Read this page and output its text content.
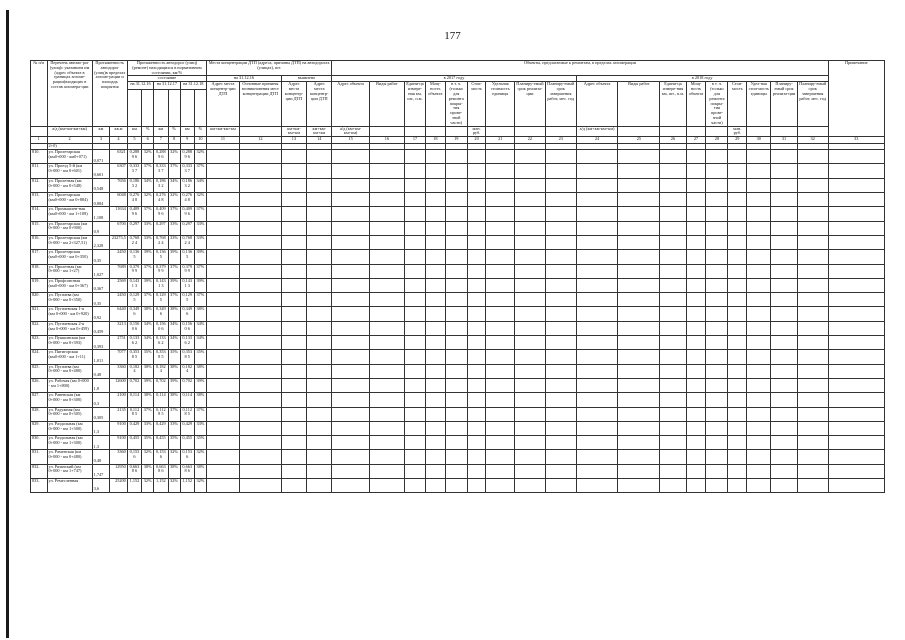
177
№ п/п	Перечень автомо-рог (улиц)с указанием им (адрес объекта в границах агломе-рации(входящих в состав агломера-ции	Протяженность автодорог (улиц)в пределах агломе-рации и площадь покрытия		Протяженность автодорог (улиц) (ремонт) находящихся в нормативном состоянии, км/%						Места концентрации ДТП (адреса, причины ДТП) на автодорогах (улицах), шт.				Объекты, предлагаемые к ремонтам, в пределах агломерации																		Примечание
				состояние						на 31.12.16		выявлено		в 2017 году									в 2018 году									
				на 31.12.16		на 31.12.17		на 31.12.18		Адрес места концентр-ции ДТП	Основные причины возникновения мест концентрации ДТП	Адрес места концентр-ции ДТП	Адрес места концентр-ции ДТП	Адрес объекта	Виды работ	Едини-ца измере-ния км, шт., п.м.	Мощ-ность объекта	в т. ч. (только для ремонта покры-тия прове-зной части)	Стои-мость	Удельная стоимость единицы	Планиру-емый срок реализа-ции	Планиру-емый срок завершения работ, мес. год	Адрес объекта	Виды работ	Едини-ца измере-ния км, шт., п.м.	Мощ-ность объекта	в т. ч. (только для ремонта покры-тия прове-зной части)	Стои-мость	Удел-ная стои-мость единицы	Планиру-емый срок реализа-ции	Планиру-емый срок завершения работ, мес. год	

	а/д (км+км-км+км)	км	кв.м	км	%	км	%	км	%	км+км-км+км		км+км-км+км	км+км-км+км	а/д (км+км-км+км)					млн. руб.				а/д (км+км-км+км)					млн. руб.				
1	2	3	4	5	6	7	8	9	10	11	12	13	14	15	16	17	18	19	20	21	22	23	24	25	26	27	28	29	30	31	32	33
	2+0)																															
810.	ул. Пролетарская (км0+000 - км0+071)	0,071	6321	0,2889 6	32%	0,2889 6	32%	0,2889 6	32%																							
811.	ул. Проезд 5-й (км 0+000 - км 0+601)	0,601	6307	0,3333 7	37%	0,3333 7	37%	0,3333 7	37%																							
812.	ул. Пролетная (км 0+000 - км 0+548)	0,548	7656	0,1863 2	34%	0,1863 2	34%	0,1863 2	34%																							
813.	ул. Пролетарская (км0+000 - км 0+884)	0,884	6048	0,2764 8	32%	0,2764 8	32%	0,2764 8	32%																							
814.	ул. Промышлен-ная (км0+000 - км 1+108)	1,108	11634	0,4099 6	37%	0,4099 6	37%	0,4099 6	37%																							
815.	ул. Пролетарская (км 0+000 - км 0+900)	0,9	6700	0,297	33%	0,297	33%	0,297	33%																							
816.	ул. Пролетарская (км 0+000 - км 2+327,51)	2,328	23275,5	0,7682 4	33%	0,7682 4	33%	0,7682 4	33%																							
817.	ул. Пролетарская (км0+000 - км 0+350)	0,35	2450	0,1365	39%	0,1365	39%	0,1365	39%																							
818.	ул. Пролетная (км 0+000 - км 1+27)	1,027	7689	0,3799 9	37%	0,3799 9	37%	0,3799 9	37%																							
819.	ул. Профсоюзная (км0+000 - км 0+367)	0,367	2569	0,1431 3	39%	0,1431 3	39%	0,1431 3	39%																							
820.	ул. Пугачева (км 0+000 - км 0+350)	0,35	2450	0,1295	37%	0,1295	37%	0,1295	37%																							
821.	ул. Пугачевская 1-я (км 0+000 - км 0+920)	0,92	6440	0,3496	38%	0,3496	38%	0,3496	38%																							
822.	ул. Пугачевская 2-я (км 0+000 - км 0+459)	0,459	3213	0,1560 6	34%	0,1560 6	34%	0,1560 6	34%																							
823.	ул. Пушкинская (км 0+000 - км 0+393)	0,393	2751	0,1336 2	34%	0,1336 2	34%	0,1336 2	34%																							
824.	ул. Пятигорская (км0+000 - км 1+11)	1,011	7077	0,3538 5	35%	0,3538 5	35%	0,3538 5	35%																							
825.	ул. Пугачева (км 0+000 - км 0+480)	0,48	3360	0,1824	38%	0,1824	38%	0,1824	38%																							
826.	ул. Рабочая (км 0+000 - км 1+800)	1,8	12600	0,702	39%	0,702	39%	0,702	39%																							
827.	ул. Равенская (км 0+000 - км 0+300)	0,3	2100	0,114	38%	0,114	38%	0,114	38%																							
828.	ул. Радужная (км 0+000 - км 0+305)	0,305	2135	0,1128 5	37%	0,1128 5	37%	0,1128 5	37%																							
829.	ул. Раздольная (км 0+000 - км 1+300)	1,3	9100	0,429	33%	0,429	33%	0,429	33%																							
830.	ул. Раздольная (км 0+000 - км 1+300)	1,3	9100	0,455	35%	0,455	35%	0,455	35%																							
831.	ул. Раменская (км 0+000 - км 0+480)	0,48	3360	0,1536	32%	0,1536	32%	0,1536	32%																							
832.	ул. Рязанский (км 0+000 - км 1+747)	1,747	12950	0,6638 6	38%	0,6638 6	38%	0,6638 6	38%																							
833.	ул. Ремесленная	3,6	25200	1,152	32%	1,152	32%	1,152	32%																							
